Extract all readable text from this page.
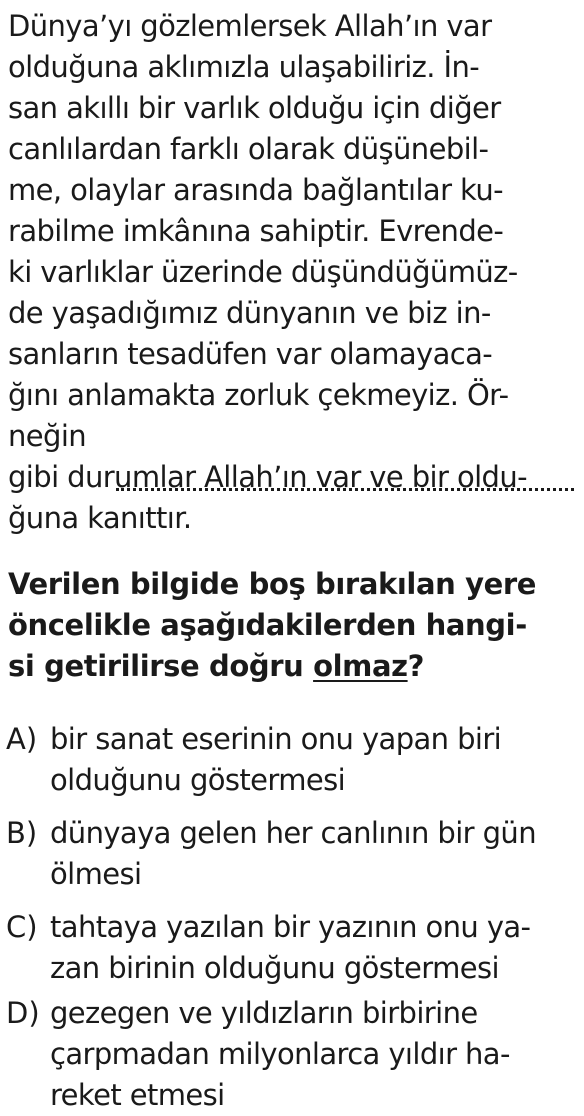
Dünya’yı gözlemlersek Allah’ın var
olduğuna aklımızla ulaşabiliriz. İn-
san akıllı bir varlık olduğu için diğer
canlılardan farklı olarak düşünebil-
me, olaylar arasında bağlantılar ku-
rabilme imkânına sahiptir. Evrende-
ki varlıklar üzerinde düşündüğümüz-
de yaşadığımız dünyanın ve biz in-
sanların tesadüfen var olamayaca-
ğını anlamakta zorluk çekmeyiz. Ör-
neğin
gibi durumlar Allah’ın var ve bir oldu-
ğuna kanıttır.
Verilen bilgide boş bırakılan yere
öncelikle aşağıdakilerden hangi-
si getirilirse doğru olmaz?
A) bir sanat eserinin onu yapan biri
olduğunu göstermesi
B) dünyaya gelen her canlının bir gün
ölmesi
C) tahtaya yazılan bir yazının onu ya-
zan birinin olduğunu göstermesi
D) gezegen ve yıldızların birbirine
çarpmadan milyonlarca yıldır ha-
reket etmesi
